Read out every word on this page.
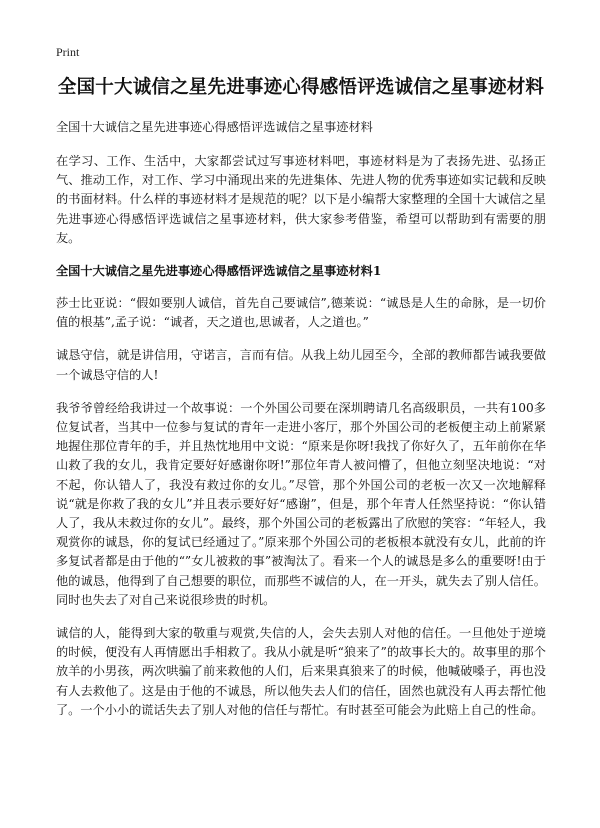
Print
全国十大诚信之星先进事迹心得感悟评选诚信之星事迹材料

全国十大诚信之星先进事迹心得感悟评选诚信之星事迹材料

在学习、工作、生活中，大家都尝试过写事迹材料吧，事迹材料是为了表扬先进、弘扬正气、推动工作，对工作、学习中涌现出来的先进集体、先进人物的优秀事迹如实记载和反映的书面材料。什么样的事迹材料才是规范的呢？以下是小编帮大家整理的全国十大诚信之星先进事迹心得感悟评选诚信之星事迹材料，供大家参考借鉴，希望可以帮助到有需要的朋友。

全国十大诚信之星先进事迹心得感悟评选诚信之星事迹材料1

莎士比亚说：“假如要别人诚信，首先自己要诚信”,德莱说：“诚恳是人生的命脉，是一切价值的根基”,孟子说：“诚者，天之道也,思诚者，人之道也。”

诚恳守信，就是讲信用，守诺言，言而有信。从我上幼儿园至今，全部的教师都告诫我要做一个诚恳守信的人!

我爷爷曾经给我讲过一个故事说：一个外国公司要在深圳聘请几名高级职员，一共有100多位复试者，当其中一位参与复试的青年一走进小客厅，那个外国公司的老板便主动上前紧紧地握住那位青年的手，并且热忱地用中文说：“原来是你呀!我找了你好久了，五年前你在华山救了我的女儿，我肯定要好好感谢你呀!”那位年青人被问懵了，但他立刻坚决地说：“对不起，你认错人了，我没有救过你的女儿。”尽管，那个外国公司的老板一次又一次地解释说“就是你救了我的女儿”并且表示要好好“感谢”，但是，那个年青人任然坚持说：“你认错人了，我从未救过你的女儿”。最终，那个外国公司的老板露出了欣慰的笑容：“年轻人，我观赏你的诚恳，你的复试已经通过了。”原来那个外国公司的老板根本就没有女儿，此前的许多复试者都是由于他的“”女儿被救的事”被淘汰了。看来一个人的诚恳是多么的重要呀!由于他的诚恳，他得到了自己想要的职位，而那些不诚信的人，在一开头，就失去了别人信任。同时也失去了对自己来说很珍贵的时机。

诚信的人，能得到大家的敬重与观赏,失信的人，会失去别人对他的信任。一旦他处于逆境的时候，便没有人再情愿出手相救了。我从小就是听“狼来了”的故事长大的。故事里的那个放羊的小男孩，两次哄骗了前来救他的人们，后来果真狼来了的时候，他喊破嗓子，再也没有人去救他了。这是由于他的不诚恳，所以他失去人们的信任，固然也就没有人再去帮忙他了。一个小小的谎话失去了别人对他的信任与帮忙。有时甚至可能会为此赔上自己的性命。
